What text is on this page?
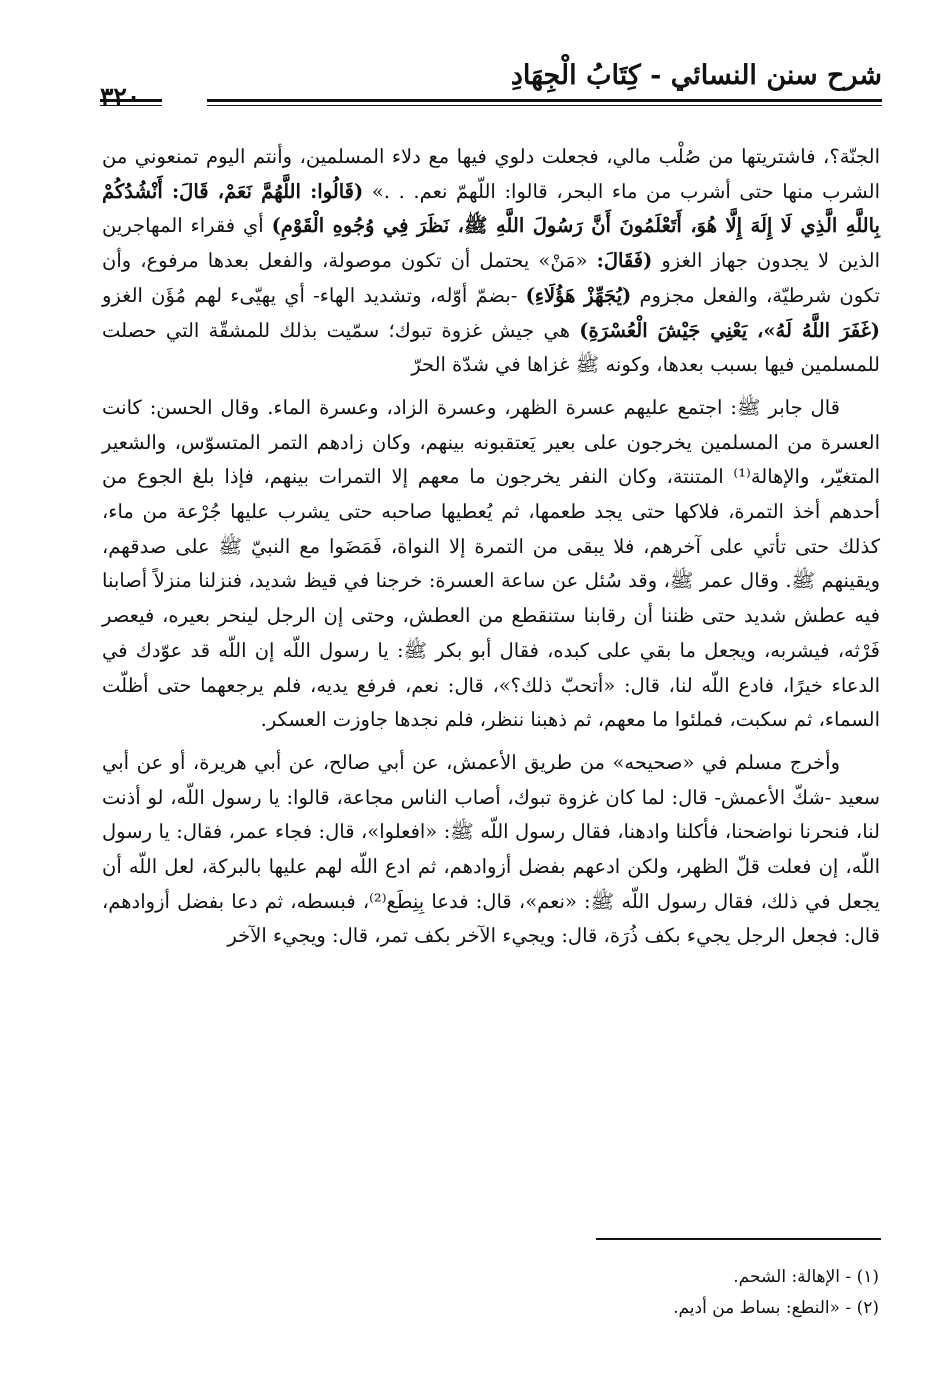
شرح سنن النسائي - كِتَابُ الْجِهَادِ
٣٢٠

الجنّة؟، فاشتريتها من صُلْب مالي، فجعلت دلوي فيها مع دلاء المسلمين، وأنتم اليوم تمنعوني من الشرب منها حتى أشرب من ماء البحر، قالوا: اللّهمّ نعم. . .» (قَالُوا: اللَّهُمَّ نَعَمْ، قَالَ: أَنْشُدُكُمْ بِاللَّهِ الَّذِي لَا إِلَهَ إِلَّا هُوَ، أَتَعْلَمُونَ أَنَّ رَسُولَ اللَّهِ ﷺ، نَظَرَ فِي وُجُوهِ الْقَوْمِ) أي فقراء المهاجرين الذين لا يجدون جهاز الغزو (فَقَالَ: «مَنْ» يحتمل أن تكون موصولة، والفعل بعدها مرفوع، وأن تكون شرطيّة، والفعل مجزوم (يُجَهِّزْ هَؤُلَاءِ) -بضمّ أوّله، وتشديد الهاء- أي يهيّىء لهم مُؤَن الغزو (غَفَرَ اللَّهُ لَهُ»، يَعْنِي جَيْشَ الْعُسْرَةِ) هي جيش غزوة تبوك؛ سمّيت بذلك للمشقّة التي حصلت للمسلمين فيها بسبب بعدها، وكونه ﷺ غزاها في شدّة الحرّ

قال جابر ﷺ: اجتمع عليهم عسرة الظهر، وعسرة الزاد، وعسرة الماء. وقال الحسن: كانت العسرة من المسلمين يخرجون على بعير يَعتقبونه بينهم، وكان زادهم التمر المتسوّس، والشعير المتغيّر، والإهالة⁽¹⁾ المتنتة، وكان النفر يخرجون ما معهم إلا التمرات بينهم، فإذا بلغ الجوع من أحدهم أخذ التمرة، فلاكها حتى يجد طعمها، ثم يُعطيها صاحبه حتى يشرب عليها جُرْعة من ماء، كذلك حتى تأتي على آخرهم، فلا يبقى من التمرة إلا النواة، فَمَضَوا مع النبيّ ﷺ على صدقهم، ويقينهم ﷺ. وقال عمر ﷺ، وقد سُئل عن ساعة العسرة: خرجنا في قيظ شديد، فنزلنا منزلاً أصابنا فيه عطش شديد حتى ظننا أن رقابنا ستنقطع من العطش، وحتى إن الرجل لينحر بعيره، فيعصر فَرْثه، فيشربه، ويجعل ما بقي على كبده، فقال أبو بكر ﷺ: يا رسول اللّه إن اللّه قد عوّدك في الدعاء خيرًا، فادع اللّه لنا، قال: «أتحبّ ذلك؟»، قال: نعم، فرفع يديه، فلم يرجعهما حتى أظلّت السماء، ثم سكبت، فملئوا ما معهم، ثم ذهبنا ننظر، فلم نجدها جاوزت العسكر.

وأخرج مسلم في «صحيحه» من طريق الأعمش، عن أبي صالح، عن أبي هريرة، أو عن أبي سعيد -شكّ الأعمش- قال: لما كان غزوة تبوك، أصاب الناس مجاعة، قالوا: يا رسول اللّه، لو أذنت لنا، فنحرنا نواضحنا، فأكلنا وادهنا، فقال رسول اللّه ﷺ: «افعلوا»، قال: فجاء عمر، فقال: يا رسول اللّه، إن فعلت قلّ الظهر، ولكن ادعهم بفضل أزوادهم، ثم ادع اللّه لهم عليها بالبركة، لعل اللّه أن يجعل في ذلك، فقال رسول اللّه ﷺ: «نعم»، قال: فدعا بِنِطَع⁽²⁾، فبسطه، ثم دعا بفضل أزوادهم، قال: فجعل الرجل يجيء بكف ذُرَة، قال: ويجيء الآخر بكف تمر، قال: ويجيء الآخر

(١) - الإهالة: الشحم.
(٢) - «النطع: بساط من أديم.
